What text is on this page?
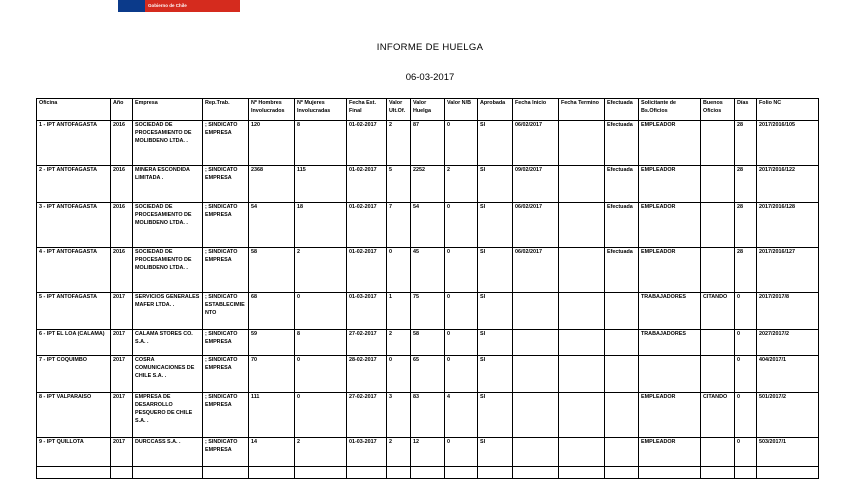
Gobierno de Chile
INFORME DE HUELGA
06-03-2017
Oficina	Año	Empresa	Rep.Trab.	Nº Hombres Involucrados	Nº Mujeres Involucradas	Fecha Est. Final	Valor Ult.Of.	Valor Huelga	Valor N/B	Aprobada	Fecha Inicio	Fecha Termino	Efectuada	Solicitante de Bs.Oficios	Buenos Oficios	Días	Folio NC
1 - IPT ANTOFAGASTA	2016	SOCIEDAD DE PROCESAMIENTO DE MOLIBDENO LTDA. .	; SINDICATO EMPRESA	120	8	01-02-2017	2	87	0	SI	06/02/2017		Efectuada	EMPLEADOR		28	2017/2016/105
2 - IPT ANTOFAGASTA	2016	MINERA ESCONDIDA LIMITADA .	; SINDICATO EMPRESA	2368	115	01-02-2017	5	2252	2	SI	09/02/2017		Efectuada	EMPLEADOR		28	2017/2016/122
3 - IPT ANTOFAGASTA	2016	SOCIEDAD DE PROCESAMIENTO DE MOLIBDENO LTDA. .	; SINDICATO EMPRESA	54	18	01-02-2017	7	54	0	SI	06/02/2017		Efectuada	EMPLEADOR		28	2017/2016/128
4 - IPT ANTOFAGASTA	2016	SOCIEDAD DE PROCESAMIENTO DE MOLIBDENO LTDA. .	; SINDICATO EMPRESA	58	2	01-02-2017	0	45	0	SI	06/02/2017		Efectuada	EMPLEADOR		28	2017/2016/127
5 - IPT ANTOFAGASTA	2017	SERVICIOS GENERALES MAFER LTDA. .	; SINDICATO ESTABLECIMIENTO	68	0	01-03-2017	1	75	0	SI				TRABAJADORES	CITANDO	0	2017/2017/8
6 - IPT EL LOA (CALAMA)	2017	CALAMA STORES CO. S.A. .	; SINDICATO EMPRESA	59	8	27-02-2017	2	58	0	SI				TRABAJADORES		0	2027/2017/2
7 - IPT COQUIMBO	2017	COSRA COMUNICACIONES DE CHILE S.A. .	; SINDICATO EMPRESA	70	0	28-02-2017	0	65	0	SI						0	404/2017/1
8 - IPT VALPARAISO	2017	EMPRESA DE DESARROLLO PESQUERO DE CHILE S.A. .	; SINDICATO EMPRESA	111	0	27-02-2017	3	83	4	SI				EMPLEADOR	CITANDO	0	501/2017/2
9 - IPT QUILLOTA	2017	DURCCASS S.A. .	; SINDICATO EMPRESA	14	2	01-03-2017	2	12	0	SI				EMPLEADOR		0	503/2017/1
